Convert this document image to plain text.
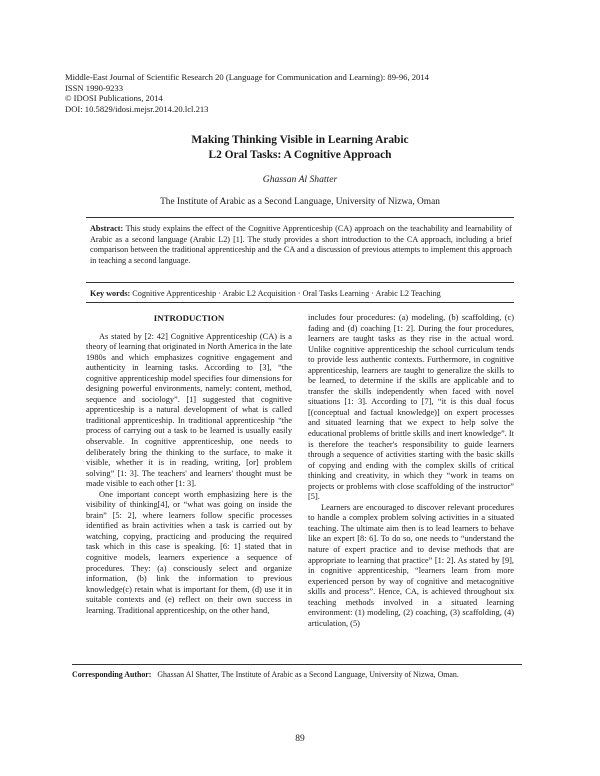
Middle-East Journal of Scientific Research 20 (Language for Communication and Learning): 89-96, 2014
ISSN 1990-9233
© IDOSI Publications, 2014
DOI: 10.5829/idosi.mejsr.2014.20.lcl.213
Making Thinking Visible in Learning Arabic
L2 Oral Tasks: A Cognitive Approach
Ghassan Al Shatter
The Institute of Arabic as a Second Language, University of Nizwa, Oman
Abstract: This study explains the effect of the Cognitive Apprenticeship (CA) approach on the teachability and learnability of Arabic as a second language (Arabic L2) [1]. The study provides a short introduction to the CA approach, including a brief comparison between the traditional apprenticeship and the CA and a discussion of previous attempts to implement this approach in teaching a second language.
Key words: Cognitive Apprenticeship · Arabic L2 Acquisition · Oral Tasks Learning · Arabic L2 Teaching
INTRODUCTION

As stated by [2: 42] Cognitive Apprenticeship (CA) is a theory of learning that originated in North America in the late 1980s and which emphasizes cognitive engagement and authenticity in learning tasks. According to [3], “the cognitive apprenticeship model specifies four dimensions for designing powerful environments, namely: content, method, sequence and sociology”. [1] suggested that cognitive apprenticeship is a natural development of what is called traditional apprenticeship. In traditional apprenticeship “the process of carrying out a task to be learned is usually easily observable. In cognitive apprenticeship, one needs to deliberately bring the thinking to the surface, to make it visible, whether it is in reading, writing, [or] problem solving” [1: 3]. The teachers' and learners' thought must be made visible to each other [1: 3].

One important concept worth emphasizing here is the visibility of thinking[4], or “what was going on inside the brain” [5: 2], where learners follow specific processes identified as brain activities when a task is carried out by watching, copying, practicing and producing the required task which in this case is speaking. [6: 1] stated that in cognitive models, learners experience a sequence of procedures. They: (a) consciously select and organize information, (b) link the information to previous knowledge(c) retain what is important for them, (d) use it in suitable contexts and (e) reflect on their own success in learning. Traditional apprenticeship, on the other hand,

includes four procedures: (a) modeling, (b) scaffolding, (c) fading and (d) coaching [1: 2]. During the four procedures, learners are taught tasks as they rise in the actual word. Unlike cognitive apprenticeship the school curriculum tends to provide less authentic contexts. Furthermore, in cognitive apprenticeship, learners are taught to generalize the skills to be learned, to determine if the skills are applicable and to transfer the skills independently when faced with novel situations [1: 3]. According to [7], “it is this dual focus [(conceptual and factual knowledge)] on expert processes and situated learning that we expect to help solve the educational problems of brittle skills and inert knowledge”. It is therefore the teacher's responsibility to guide learners through a sequence of activities starting with the basic skills of copying and ending with the complex skills of critical thinking and creativity, in which they “work in teams on projects or problems with close scaffolding of the instructor” [5].

Learners are encouraged to discover relevant procedures to handle a complex problem solving activities in a situated teaching. The ultimate aim then is to lead learners to behave like an expert [8: 6]. To do so, one needs to “understand the nature of expert practice and to devise methods that are appropriate to learning that practice” [1: 2]. As stated by [9], in cognitive apprenticeship, “learners learn from more experienced person by way of cognitive and metacognitive skills and process”. Hence, CA, is achieved throughout six teaching methods involved in a situated learning environment: (1) modeling, (2) coaching, (3) scaffolding, (4) articulation, (5)

Corresponding Author: Ghassan Al Shatter, The Institute of Arabic as a Second Language, University of Nizwa, Oman.
89
